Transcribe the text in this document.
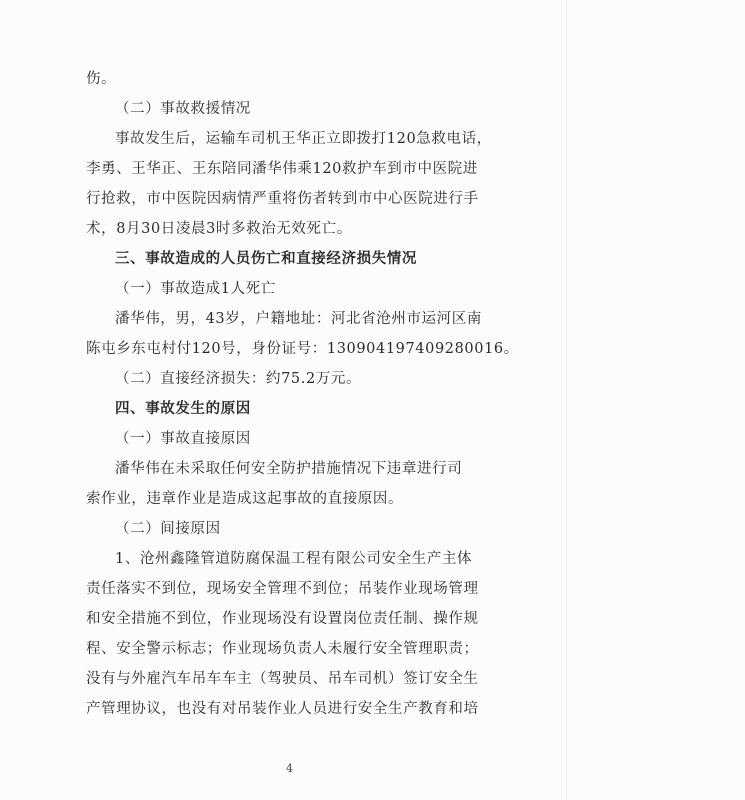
伤。
（二）事故救援情况
事故发生后，运输车司机王华正立即拨打120急救电话，
李勇、王华正、王东陪同潘华伟乘120救护车到市中医院进
行抢救，市中医院因病情严重将伤者转到市中心医院进行手
术，8月30日凌晨3时多救治无效死亡。
三、事故造成的人员伤亡和直接经济损失情况
（一）事故造成1人死亡
潘华伟，男，43岁，户籍地址：河北省沧州市运河区南
陈屯乡东屯村付120号，身份证号：130904197409280016。
（二）直接经济损失：约75.2万元。
四、事故发生的原因
（一）事故直接原因
潘华伟在未采取任何安全防护措施情况下违章进行司
索作业，违章作业是造成这起事故的直接原因。
（二）间接原因
1、沧州鑫隆管道防腐保温工程有限公司安全生产主体
责任落实不到位，现场安全管理不到位；吊装作业现场管理
和安全措施不到位，作业现场没有设置岗位责任制、操作规
程、安全警示标志；作业现场负责人未履行安全管理职责；
没有与外雇汽车吊车车主（驾驶员、吊车司机）签订安全生
产管理协议，也没有对吊装作业人员进行安全生产教育和培
4
